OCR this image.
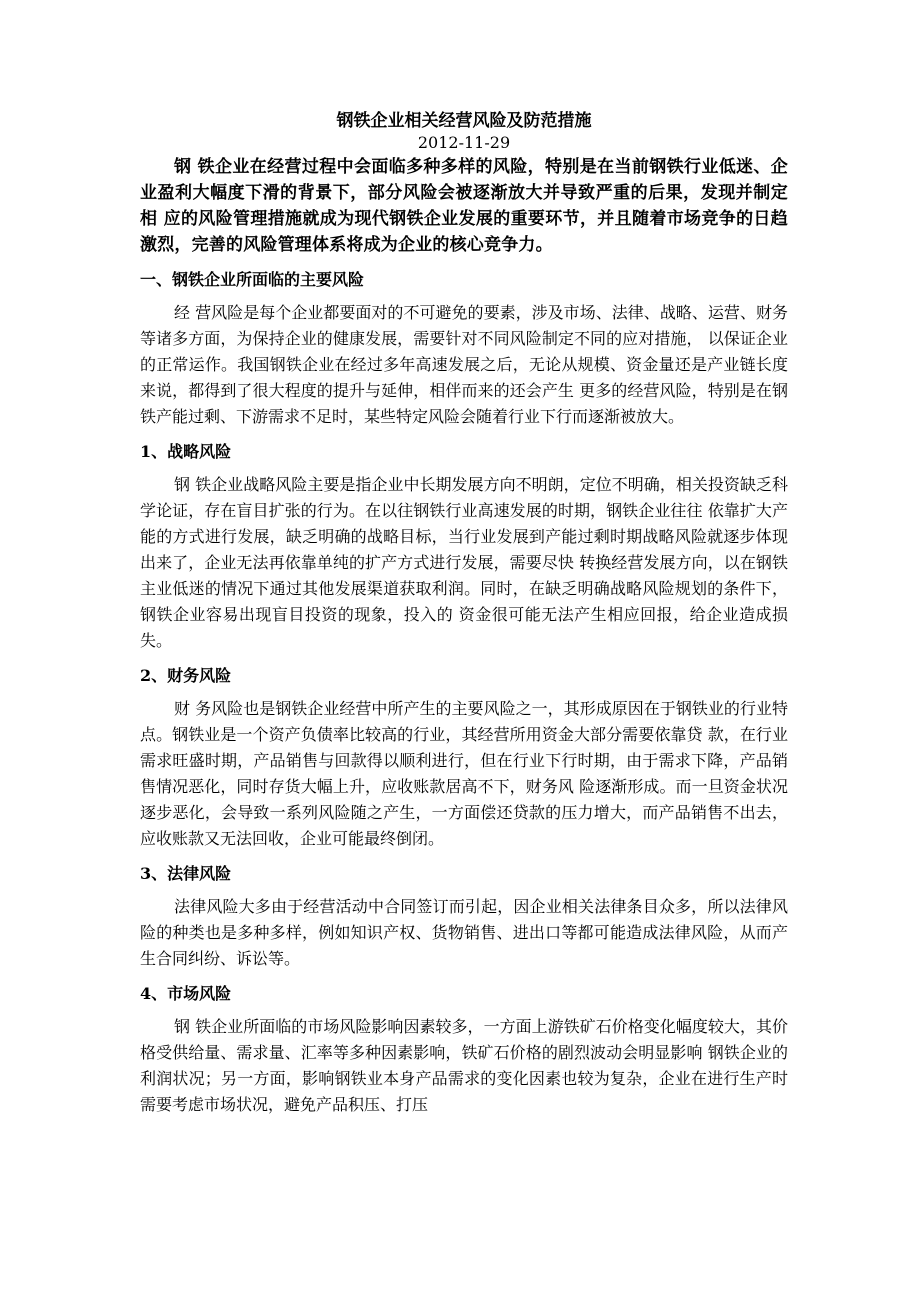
钢铁企业相关经营风险及防范措施

2012-11-29

钢 铁企业在经营过程中会面临多种多样的风险，特别是在当前钢铁行业低迷、企业盈利大幅度下滑的背景下，部分风险会被逐渐放大并导致严重的后果，发现并制定相 应的风险管理措施就成为现代钢铁企业发展的重要环节，并且随着市场竞争的日趋激烈，完善的风险管理体系将成为企业的核心竞争力。

一、钢铁企业所面临的主要风险

经 营风险是每个企业都要面对的不可避免的要素，涉及市场、法律、战略、运营、财务等诸多方面，为保持企业的健康发展，需要针对不同风险制定不同的应对措施， 以保证企业的正常运作。我国钢铁企业在经过多年高速发展之后，无论从规模、资金量还是产业链长度来说，都得到了很大程度的提升与延伸，相伴而来的还会产生 更多的经营风险，特别是在钢铁产能过剩、下游需求不足时，某些特定风险会随着行业下行而逐渐被放大。

1、战略风险

钢 铁企业战略风险主要是指企业中长期发展方向不明朗，定位不明确，相关投资缺乏科学论证，存在盲目扩张的行为。在以往钢铁行业高速发展的时期，钢铁企业往往 依靠扩大产能的方式进行发展，缺乏明确的战略目标，当行业发展到产能过剩时期战略风险就逐步体现出来了，企业无法再依靠单纯的扩产方式进行发展，需要尽快 转换经营发展方向，以在钢铁主业低迷的情况下通过其他发展渠道获取利润。同时，在缺乏明确战略风险规划的条件下，钢铁企业容易出现盲目投资的现象，投入的 资金很可能无法产生相应回报，给企业造成损失。

2、财务风险

财 务风险也是钢铁企业经营中所产生的主要风险之一，其形成原因在于钢铁业的行业特点。钢铁业是一个资产负债率比较高的行业，其经营所用资金大部分需要依靠贷 款，在行业需求旺盛时期，产品销售与回款得以顺利进行，但在行业下行时期，由于需求下降，产品销售情况恶化，同时存货大幅上升，应收账款居高不下，财务风 险逐渐形成。而一旦资金状况逐步恶化，会导致一系列风险随之产生，一方面偿还贷款的压力增大，而产品销售不出去，应收账款又无法回收，企业可能最终倒闭。

3、法律风险

法律风险大多由于经营活动中合同签订而引起，因企业相关法律条目众多，所以法律风险的种类也是多种多样，例如知识产权、货物销售、进出口等都可能造成法律风险，从而产生合同纠纷、诉讼等。

4、市场风险

钢 铁企业所面临的市场风险影响因素较多，一方面上游铁矿石价格变化幅度较大，其价格受供给量、需求量、汇率等多种因素影响，铁矿石价格的剧烈波动会明显影响 钢铁企业的利润状况；另一方面，影响钢铁业本身产品需求的变化因素也较为复杂，企业在进行生产时需要考虑市场状况，避免产品积压、打压
